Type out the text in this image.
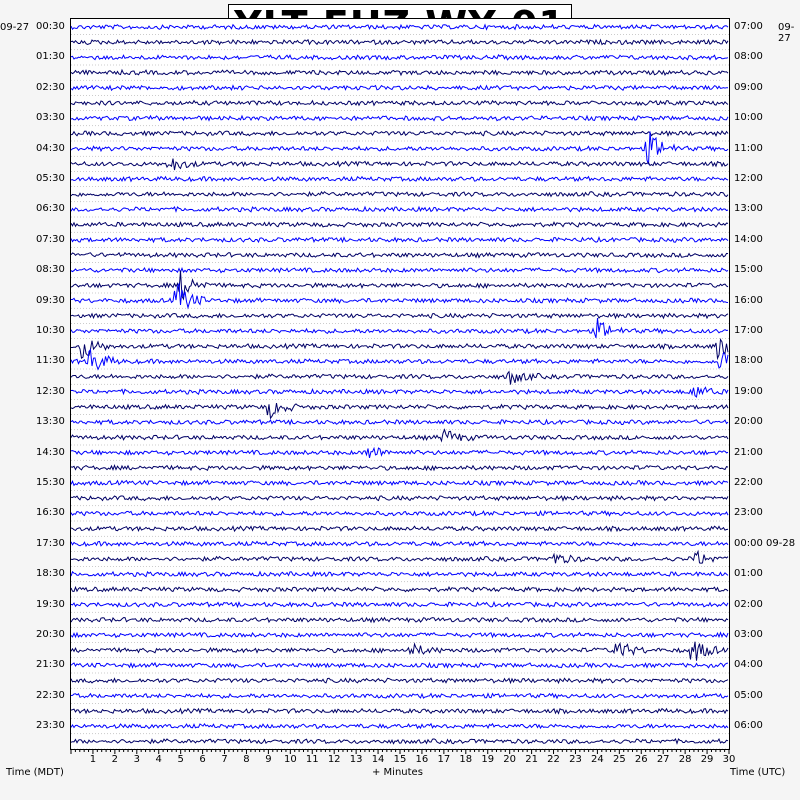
09-27	09-27
00:30
01:30
02:30
03:30
04:30
05:30
06:30
07:30
08:30
09:30
10:30
11:30
12:30
13:30
14:30
15:30
16:30
17:30
18:30
19:30
20:30
21:30
22:30
23:30
07:00
08:00
09:00
10:00
11:00
12:00
13:00
14:00
15:00
16:00
17:00
18:00
19:00
20:00
21:00
22:00
23:00
00:00 09-28
01:00
02:00
03:00
04:00
05:00
06:00
1 2 3 4 5 6 7 8 9 10 11 12 13 14 15 16 17 18 19 20 21 22 23 24 25 26 27 28 29 30
Time (MDT)	+ Minutes	Time (UTC)
